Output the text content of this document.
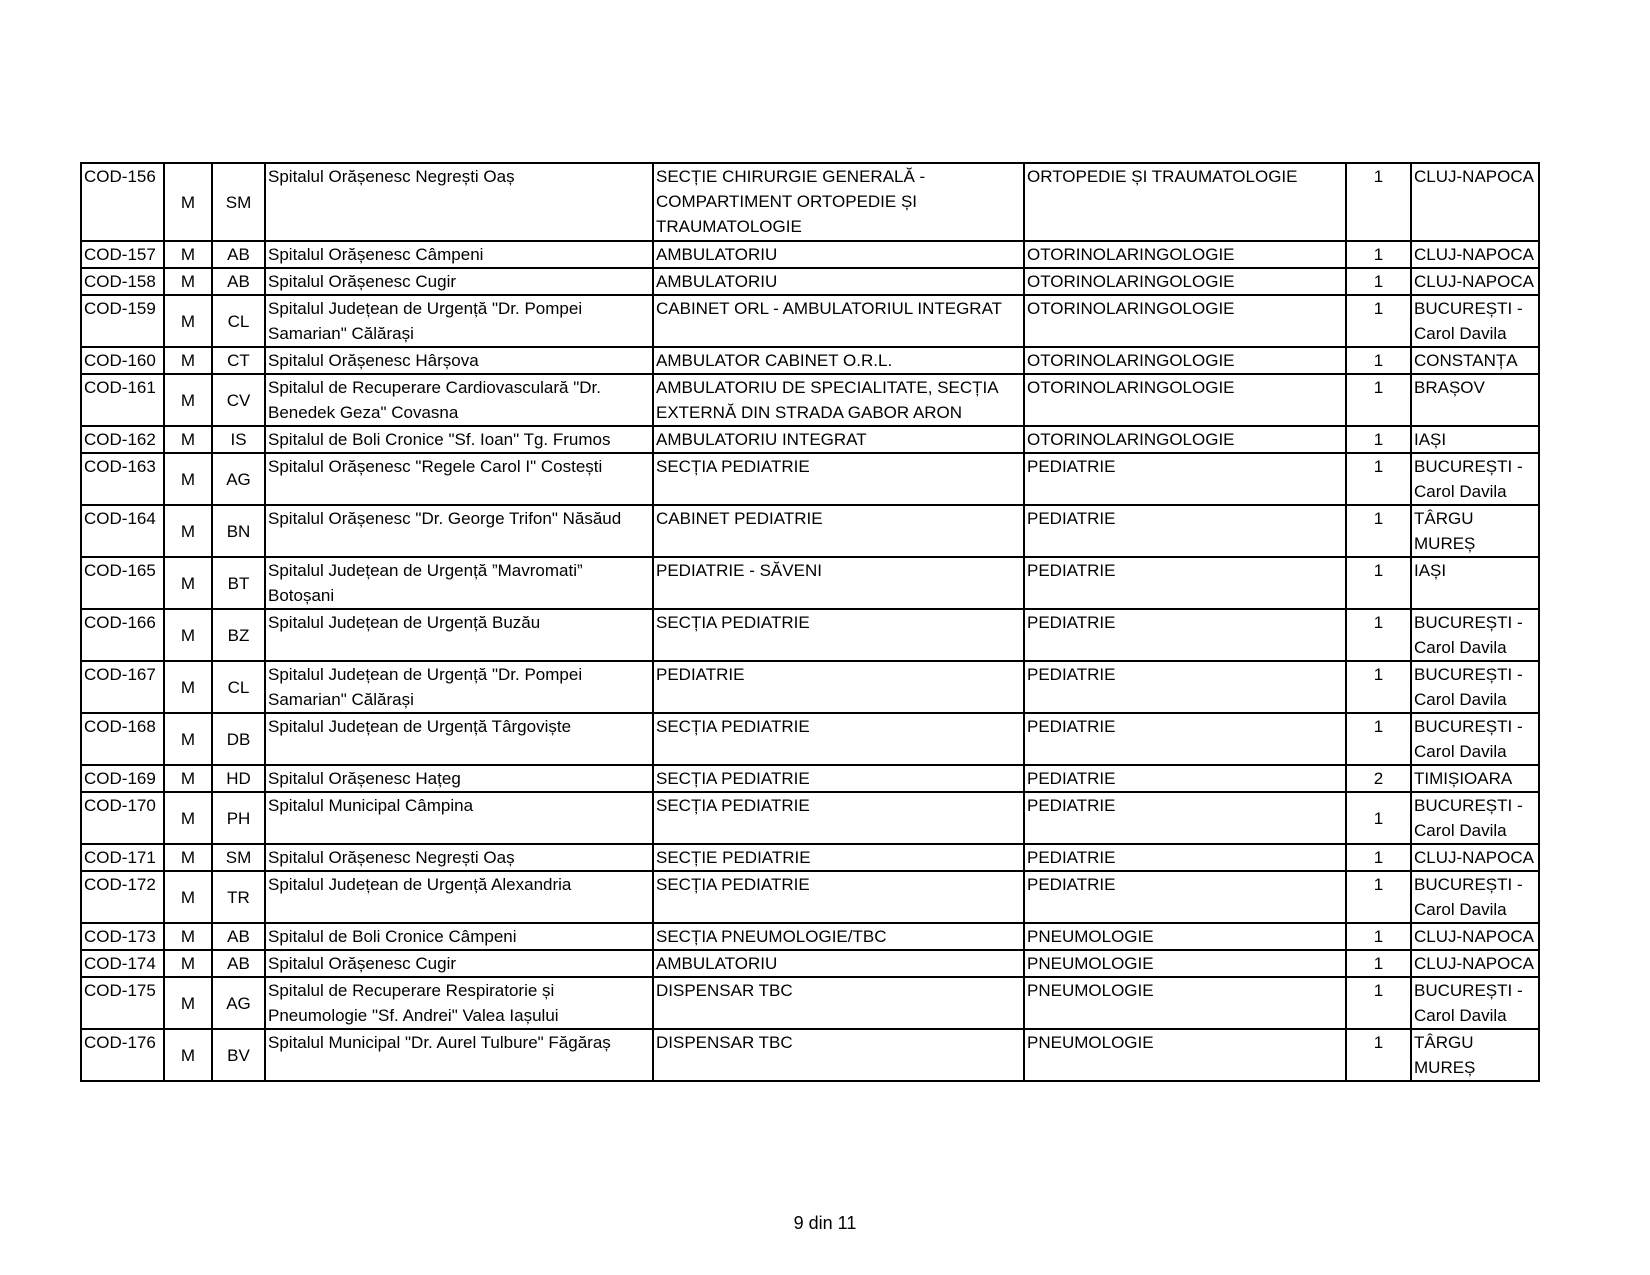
COD-156	M	SM	Spitalul Orășenesc Negrești Oaș	SECȚIE CHIRURGIE GENERALĂ - COMPARTIMENT ORTOPEDIE ȘI TRAUMATOLOGIE	ORTOPEDIE ȘI TRAUMATOLOGIE	1	CLUJ-NAPOCA
COD-157	M	AB	Spitalul Orășenesc Câmpeni	AMBULATORIU	OTORINOLARINGOLOGIE	1	CLUJ-NAPOCA
COD-158	M	AB	Spitalul Orășenesc Cugir	AMBULATORIU	OTORINOLARINGOLOGIE	1	CLUJ-NAPOCA
COD-159	M	CL	Spitalul Județean de Urgență "Dr. Pompei Samarian" Călărași	CABINET ORL - AMBULATORIUL INTEGRAT	OTORINOLARINGOLOGIE	1	BUCUREȘTI - Carol Davila
COD-160	M	CT	Spitalul Orășenesc Hârșova	AMBULATOR CABINET O.R.L.	OTORINOLARINGOLOGIE	1	CONSTANȚA
COD-161	M	CV	Spitalul de Recuperare Cardiovasculară "Dr. Benedek Geza" Covasna	AMBULATORIU DE SPECIALITATE, SECȚIA EXTERNĂ DIN STRADA GABOR ARON	OTORINOLARINGOLOGIE	1	BRAȘOV
COD-162	M	IS	Spitalul de Boli Cronice "Sf. Ioan" Tg. Frumos	AMBULATORIU INTEGRAT	OTORINOLARINGOLOGIE	1	IAȘI
COD-163	M	AG	Spitalul Orășenesc "Regele Carol I" Costești	SECȚIA PEDIATRIE	PEDIATRIE	1	BUCUREȘTI - Carol Davila
COD-164	M	BN	Spitalul Orășenesc "Dr. George Trifon" Năsăud	CABINET PEDIATRIE	PEDIATRIE	1	TÂRGU MUREȘ
COD-165	M	BT	Spitalul Județean de Urgență ”Mavromati” Botoșani	PEDIATRIE - SĂVENI	PEDIATRIE	1	IAȘI
COD-166	M	BZ	Spitalul Județean de Urgență Buzău	SECȚIA PEDIATRIE	PEDIATRIE	1	BUCUREȘTI - Carol Davila
COD-167	M	CL	Spitalul Județean de Urgență "Dr. Pompei Samarian" Călărași	PEDIATRIE	PEDIATRIE	1	BUCUREȘTI - Carol Davila
COD-168	M	DB	Spitalul Județean de Urgență Târgoviște	SECȚIA PEDIATRIE	PEDIATRIE	1	BUCUREȘTI - Carol Davila
COD-169	M	HD	Spitalul Orășenesc Hațeg	SECȚIA PEDIATRIE	PEDIATRIE	2	TIMIȘIOARA
COD-170	M	PH	Spitalul Municipal Câmpina	SECȚIA PEDIATRIE	PEDIATRIE	1	BUCUREȘTI - Carol Davila
COD-171	M	SM	Spitalul Orășenesc Negrești Oaș	SECȚIE PEDIATRIE	PEDIATRIE	1	CLUJ-NAPOCA
COD-172	M	TR	Spitalul Județean de Urgență Alexandria	SECȚIA PEDIATRIE	PEDIATRIE	1	BUCUREȘTI - Carol Davila
COD-173	M	AB	Spitalul de Boli Cronice Câmpeni	SECȚIA PNEUMOLOGIE/TBC	PNEUMOLOGIE	1	CLUJ-NAPOCA
COD-174	M	AB	Spitalul Orășenesc Cugir	AMBULATORIU	PNEUMOLOGIE	1	CLUJ-NAPOCA
COD-175	M	AG	Spitalul de Recuperare Respiratorie și Pneumologie "Sf. Andrei" Valea Iașului	DISPENSAR TBC	PNEUMOLOGIE	1	BUCUREȘTI - Carol Davila
COD-176	M	BV	Spitalul Municipal "Dr. Aurel Tulbure" Făgăraș	DISPENSAR TBC	PNEUMOLOGIE	1	TÂRGU MUREȘ
9 din 11
